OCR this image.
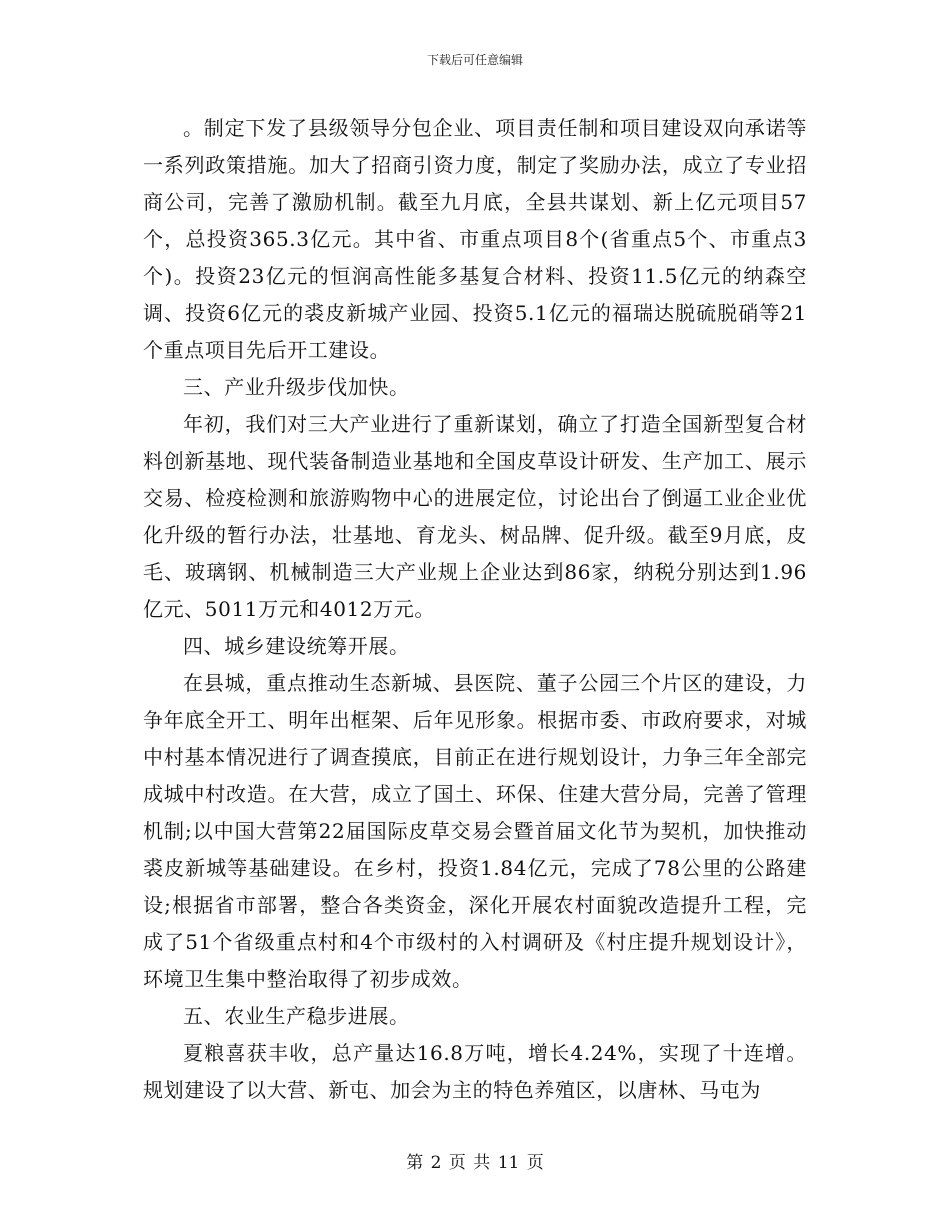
下载后可任意编辑

。制定下发了县级领导分包企业、项目责任制和项目建设双向承诺等一系列政策措施。加大了招商引资力度，制定了奖励办法，成立了专业招商公司，完善了激励机制。截至九月底，全县共谋划、新上亿元项目57个，总投资365.3亿元。其中省、市重点项目8个(省重点5个、市重点3个)。投资23亿元的恒润高性能多基复合材料、投资11.5亿元的纳森空调、投资6亿元的裘皮新城产业园、投资5.1亿元的福瑞达脱硫脱硝等21个重点项目先后开工建设。

三、产业升级步伐加快。

年初，我们对三大产业进行了重新谋划，确立了打造全国新型复合材料创新基地、现代装备制造业基地和全国皮草设计研发、生产加工、展示交易、检疫检测和旅游购物中心的进展定位，讨论出台了倒逼工业企业优化升级的暂行办法，壮基地、育龙头、树品牌、促升级。截至9月底，皮毛、玻璃钢、机械制造三大产业规上企业达到86家，纳税分别达到1.96亿元、5011万元和4012万元。

四、城乡建设统筹开展。

在县城，重点推动生态新城、县医院、董子公园三个片区的建设，力争年底全开工、明年出框架、后年见形象。根据市委、市政府要求，对城中村基本情况进行了调查摸底，目前正在进行规划设计，力争三年全部完成城中村改造。在大营，成立了国土、环保、住建大营分局，完善了管理机制;以中国大营第22届国际皮草交易会暨首届文化节为契机，加快推动裘皮新城等基础建设。在乡村，投资1.84亿元，完成了78公里的公路建设;根据省市部署，整合各类资金，深化开展农村面貌改造提升工程，完成了51个省级重点村和4个市级村的入村调研及《村庄提升规划设计》，环境卫生集中整治取得了初步成效。

五、农业生产稳步进展。

夏粮喜获丰收，总产量达16.8万吨，增长4.24%，实现了十连增。规划建设了以大营、新屯、加会为主的特色养殖区，以唐林、马屯为

第 2 页 共 11 页
